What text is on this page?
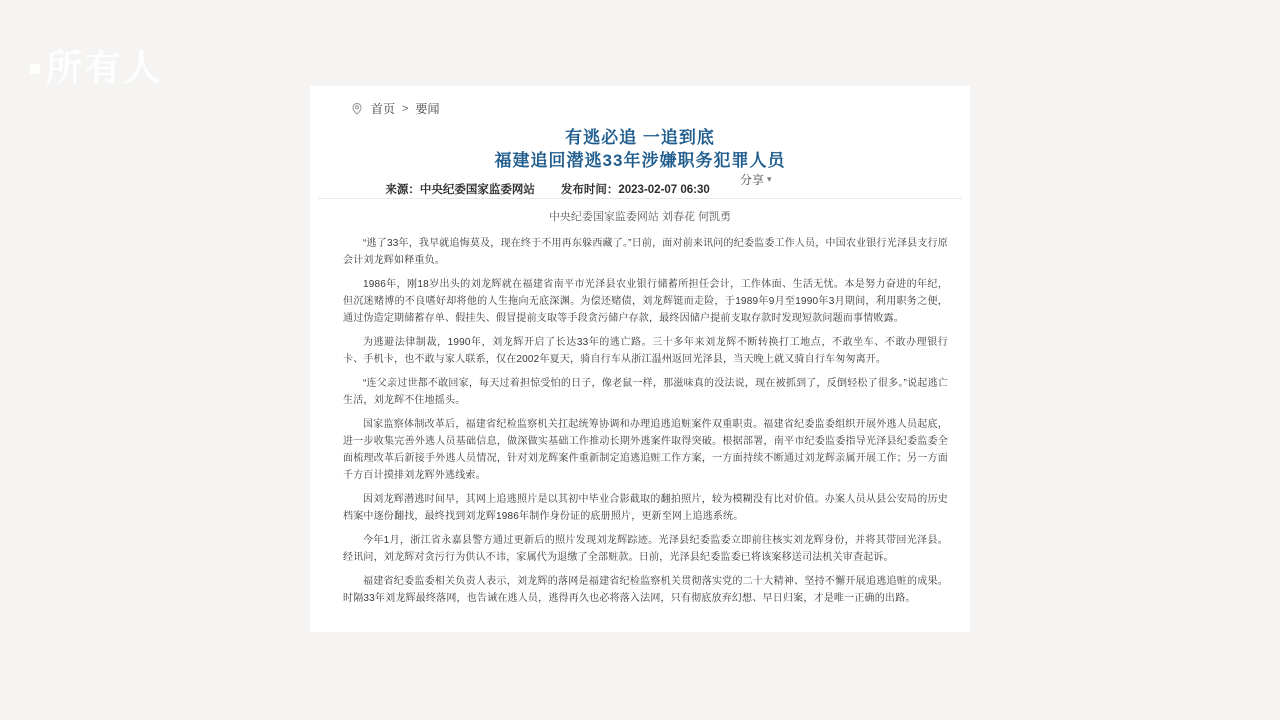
所有人
首页 > 要闻
有逃必追 一追到底
福建追回潜逃33年涉嫌职务犯罪人员
分享 ▾
来源：中央纪委国家监委网站 发布时间：2023-02-07 06:30
中央纪委国家监委网站 刘春花 何凯勇

“逃了33年，我早就追悔莫及，现在终于不用再东躲西藏了。”日前，面对前来讯问的纪委监委工作人员，中国农业银行光泽县支行原会计刘龙辉如释重负。

1986年，刚18岁出头的刘龙辉就在福建省南平市光泽县农业银行储蓄所担任会计，工作体面、生活无忧。本是努力奋进的年纪，但沉迷赌博的不良嗜好却将他的人生拖向无底深渊。为偿还赌债，刘龙辉铤而走险，于1989年9月至1990年3月期间，利用职务之便，通过伪造定期储蓄存单、假挂失、假冒提前支取等手段贪污储户存款，最终因储户提前支取存款时发现短款问题而事情败露。

为逃避法律制裁，1990年，刘龙辉开启了长达33年的逃亡路。三十多年来刘龙辉不断转换打工地点，不敢坐车、不敢办理银行卡、手机卡，也不敢与家人联系，仅在2002年夏天，骑自行车从浙江温州返回光泽县，当天晚上就又骑自行车匆匆离开。

“连父亲过世都不敢回家，每天过着担惊受怕的日子，像老鼠一样，那滋味真的没法说，现在被抓到了，反倒轻松了很多。”说起逃亡生活，刘龙辉不住地摇头。

国家监察体制改革后，福建省纪检监察机关扛起统筹协调和办理追逃追赃案件双重职责。福建省纪委监委组织开展外逃人员起底，进一步收集完善外逃人员基础信息，做深做实基础工作推动长期外逃案件取得突破。根据部署，南平市纪委监委指导光泽县纪委监委全面梳理改革后新接手外逃人员情况，针对刘龙辉案件重新制定追逃追赃工作方案，一方面持续不断通过刘龙辉亲属开展工作；另一方面千方百计摸排刘龙辉外逃线索。

因刘龙辉潜逃时间早，其网上追逃照片是以其初中毕业合影截取的翻拍照片，较为模糊没有比对价值。办案人员从县公安局的历史档案中逐份翻找，最终找到刘龙辉1986年制作身份证的底册照片，更新至网上追逃系统。

今年1月，浙江省永嘉县警方通过更新后的照片发现刘龙辉踪迹。光泽县纪委监委立即前往核实刘龙辉身份，并将其带回光泽县。经讯问，刘龙辉对贪污行为供认不讳，家属代为退缴了全部赃款。日前，光泽县纪委监委已将该案移送司法机关审查起诉。

福建省纪委监委相关负责人表示，刘龙辉的落网是福建省纪检监察机关贯彻落实党的二十大精神、坚持不懈开展追逃追赃的成果。时隔33年刘龙辉最终落网，也告诫在逃人员，逃得再久也必将落入法网，只有彻底放弃幻想、早日归案，才是唯一正确的出路。
